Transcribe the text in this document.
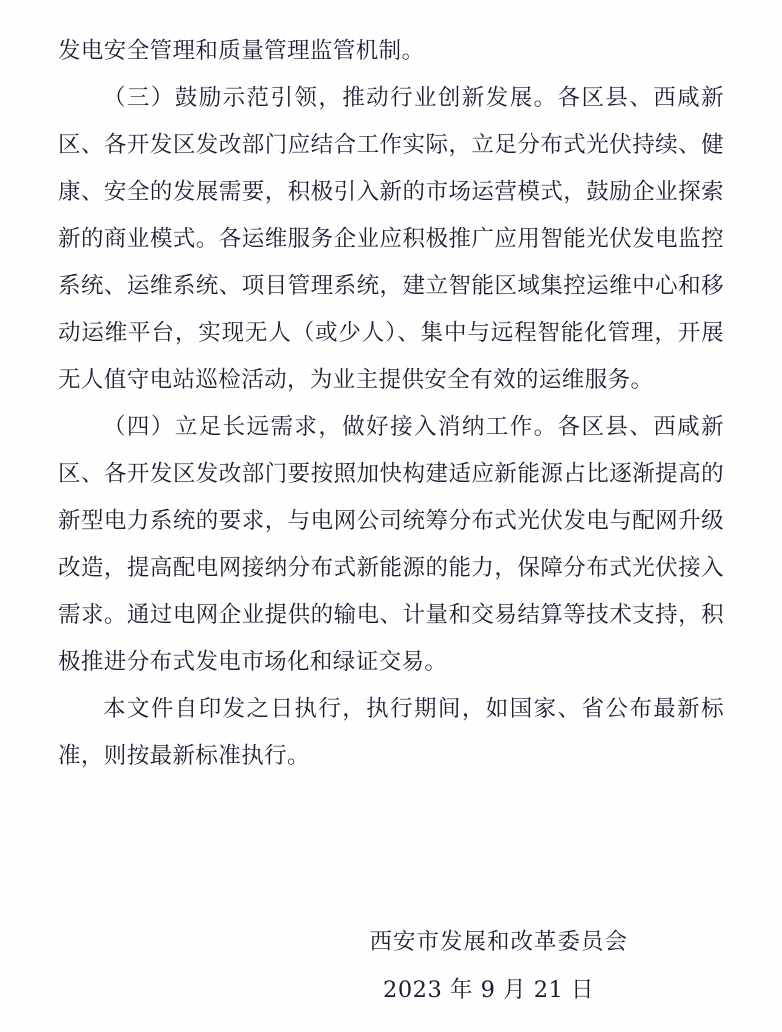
发电安全管理和质量管理监管机制。

（三）鼓励示范引领，推动行业创新发展。各区县、西咸新区、各开发区发改部门应结合工作实际，立足分布式光伏持续、健康、安全的发展需要，积极引入新的市场运营模式，鼓励企业探索新的商业模式。各运维服务企业应积极推广应用智能光伏发电监控系统、运维系统、项目管理系统，建立智能区域集控运维中心和移动运维平台，实现无人（或少人）、集中与远程智能化管理，开展无人值守电站巡检活动，为业主提供安全有效的运维服务。

（四）立足长远需求，做好接入消纳工作。各区县、西咸新区、各开发区发改部门要按照加快构建适应新能源占比逐渐提高的新型电力系统的要求，与电网公司统筹分布式光伏发电与配网升级改造，提高配电网接纳分布式新能源的能力，保障分布式光伏接入需求。通过电网企业提供的输电、计量和交易结算等技术支持，积极推进分布式发电市场化和绿证交易。

本文件自印发之日执行，执行期间，如国家、省公布最新标准，则按最新标准执行。

西安市发展和改革委员会
2023 年 9 月 21 日
